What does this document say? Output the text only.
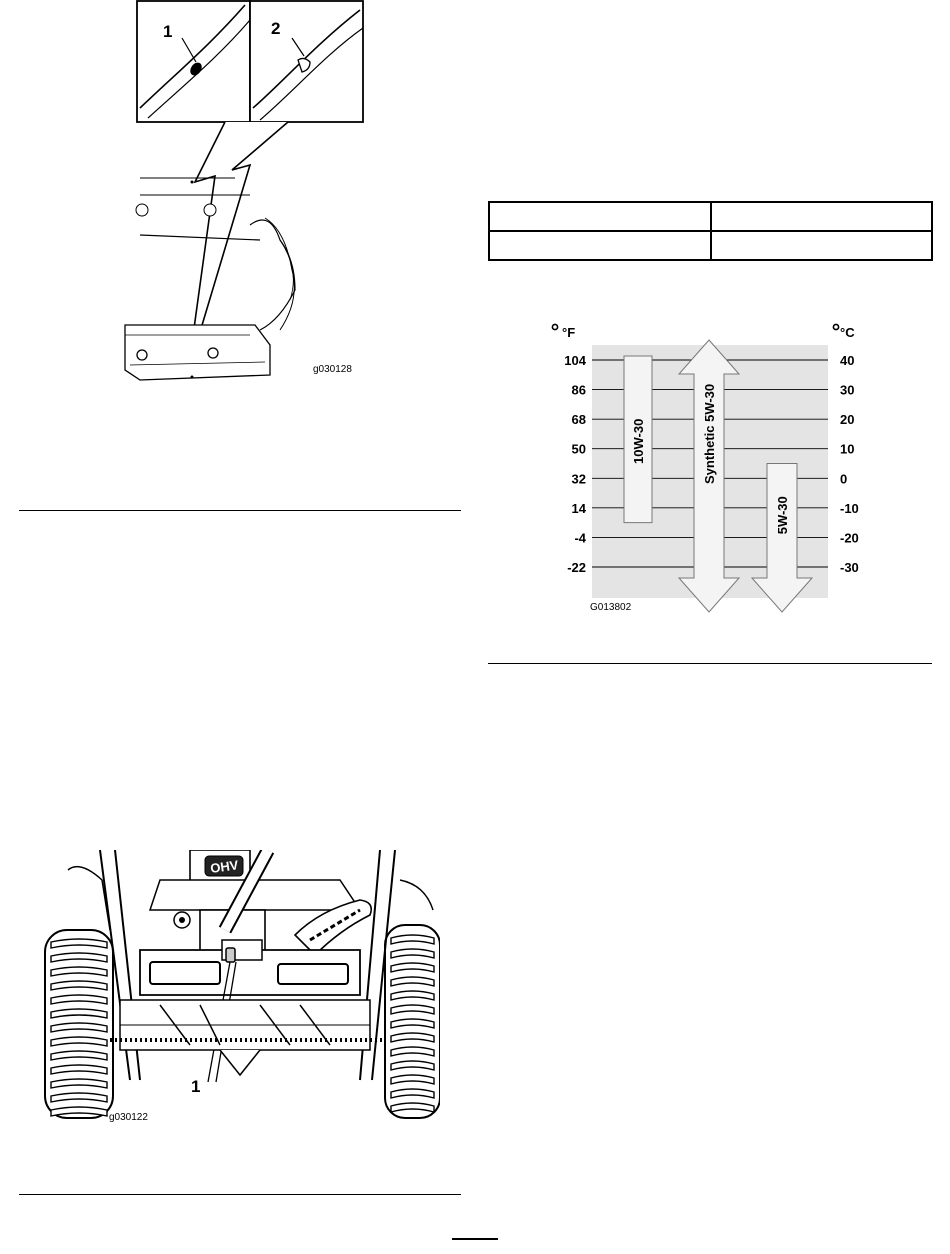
1	2
g030128

10W-30	Synthetic 5W-30
5W-30
104	40
86	30
68	20
50	10
32	0
14	-10
-4	-20
-22	-30
°F	°C
G013802
OHV
1
g030122
